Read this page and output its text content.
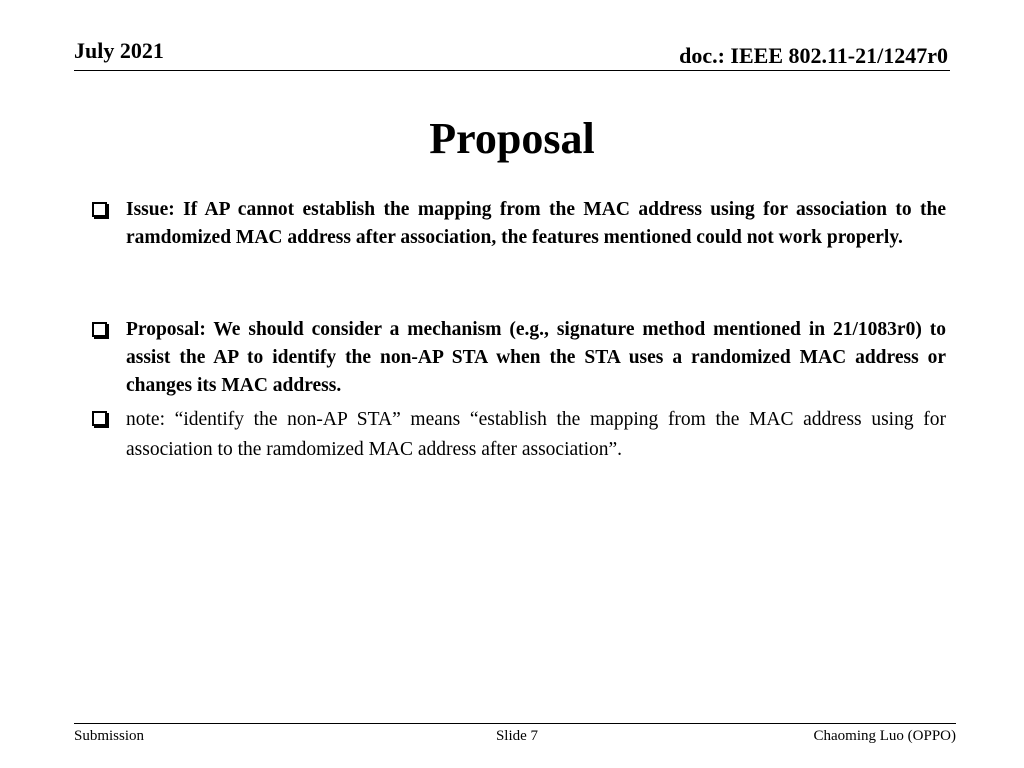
July 2021	doc.: IEEE 802.11-21/1247r0
Proposal
Issue: If AP cannot establish the mapping from the MAC address using for association to the ramdomized MAC address after association, the features mentioned could not work properly.
Proposal: We should consider a mechanism (e.g., signature method mentioned in 21/1083r0) to assist the AP to identify the non-AP STA when the STA uses a randomized MAC address or changes its MAC address.
note: “identify the non-AP STA” means “establish the mapping from the MAC address using for association to the ramdomized MAC address after association”.
Submission	Slide 7	Chaoming Luo (OPPO)
